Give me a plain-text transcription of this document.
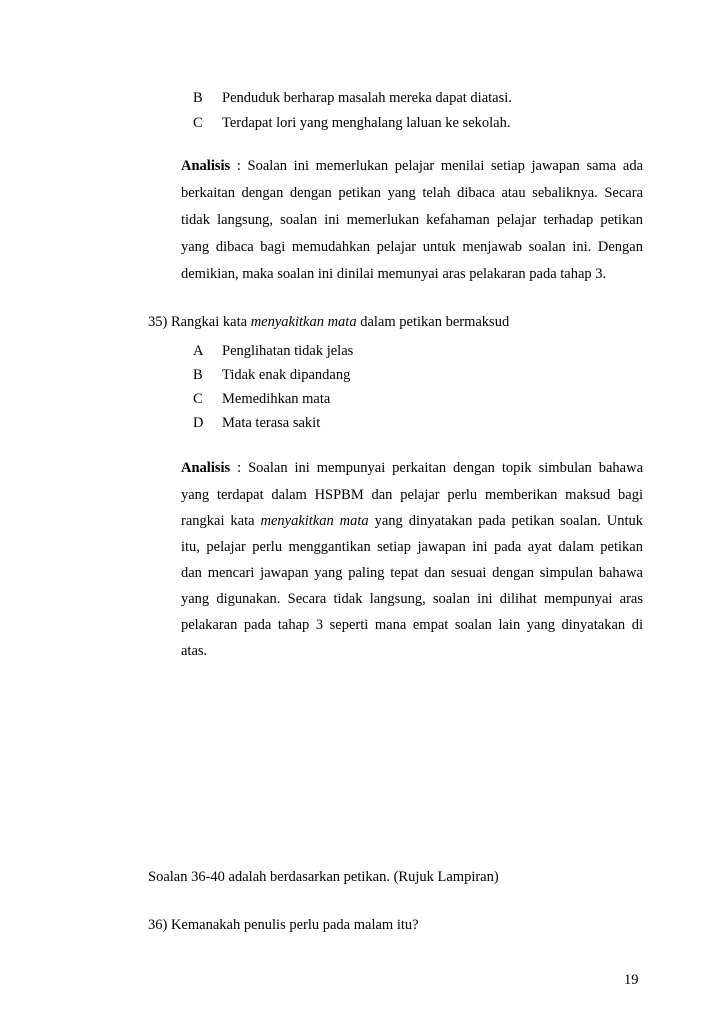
B	Penduduk berharap masalah mereka dapat diatasi.
C	Terdapat lori yang menghalang laluan ke sekolah.
Analisis : Soalan ini memerlukan pelajar menilai setiap jawapan sama ada
berkaitan dengan dengan petikan yang telah dibaca atau sebaliknya. Secara
tidak langsung, soalan ini memerlukan kefahaman pelajar terhadap petikan
yang dibaca bagi memudahkan pelajar untuk menjawab soalan ini. Dengan
demikian, maka soalan ini dinilai memunyai aras pelakaran pada tahap 3.
35) Rangkai kata menyakitkan mata dalam petikan bermaksud
A	Penglihatan tidak jelas
B	Tidak enak dipandang
C	Memedihkan mata
D	Mata terasa sakit
Analisis : Soalan ini mempunyai perkaitan dengan topik simbulan bahawa
yang terdapat dalam HSPBM dan pelajar perlu memberikan maksud bagi
rangkai kata menyakitkan mata yang dinyatakan pada petikan soalan. Untuk
itu, pelajar perlu menggantikan setiap jawapan ini pada ayat dalam petikan
dan mencari jawapan yang paling tepat dan sesuai dengan simpulan bahawa
yang digunakan. Secara tidak langsung, soalan ini dilihat mempunyai aras
pelakaran pada tahap 3 seperti mana empat soalan lain yang dinyatakan di
atas.
Soalan 36-40 adalah berdasarkan petikan. (Rujuk Lampiran)
36) Kemanakah penulis perlu pada malam itu?
19
